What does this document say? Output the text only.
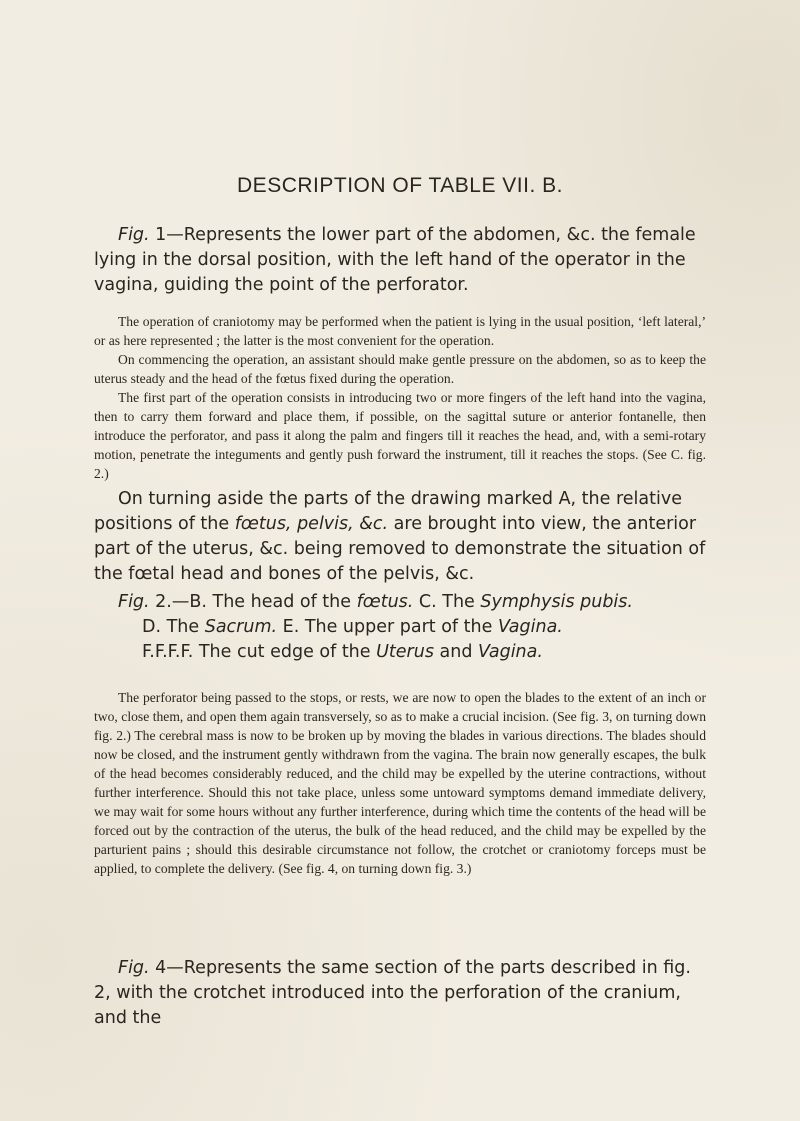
DESCRIPTION OF TABLE VII. B.

Fig. 1—Represents the lower part of the abdomen, &c. the female lying in the dorsal position, with the left hand of the operator in the vagina, guiding the point of the perforator.

The operation of craniotomy may be performed when the patient is lying in the usual position, ‘left lateral,’ or as here represented ; the latter is the most convenient for the operation.

On commencing the operation, an assistant should make gentle pressure on the abdomen, so as to keep the uterus steady and the head of the fœtus fixed during the operation.

The first part of the operation consists in introducing two or more fingers of the left hand into the vagina, then to carry them forward and place them, if possible, on the sagittal suture or anterior fontanelle, then introduce the perforator, and pass it along the palm and fingers till it reaches the head, and, with a semi-rotary motion, penetrate the integuments and gently push forward the instrument, till it reaches the stops. (See C. fig. 2.)

On turning aside the parts of the drawing marked A, the relative positions of the fœtus, pelvis, &c. are brought into view, the anterior part of the uterus, &c. being removed to demonstrate the situation of the fœtal head and bones of the pelvis, &c.

Fig. 2.—B. The head of the fœtus. C. The Symphysis pubis.

D. The Sacrum. E. The upper part of the Vagina.

F.F.F.F. The cut edge of the Uterus and Vagina.

The perforator being passed to the stops, or rests, we are now to open the blades to the extent of an inch or two, close them, and open them again transversely, so as to make a crucial incision. (See fig. 3, on turning down fig. 2.) The cerebral mass is now to be broken up by moving the blades in various directions. The blades should now be closed, and the instrument gently withdrawn from the vagina. The brain now generally escapes, the bulk of the head becomes considerably reduced, and the child may be expelled by the uterine contractions, without further interference. Should this not take place, unless some untoward symptoms demand immediate delivery, we may wait for some hours without any further interference, during which time the contents of the head will be forced out by the contraction of the uterus, the bulk of the head reduced, and the child may be expelled by the parturient pains ; should this desirable circumstance not follow, the crotchet or craniotomy forceps must be applied, to complete the delivery. (See fig. 4, on turning down fig. 3.)

Fig. 4—Represents the same section of the parts described in fig. 2, with the crotchet introduced into the perforation of the cranium, and the
